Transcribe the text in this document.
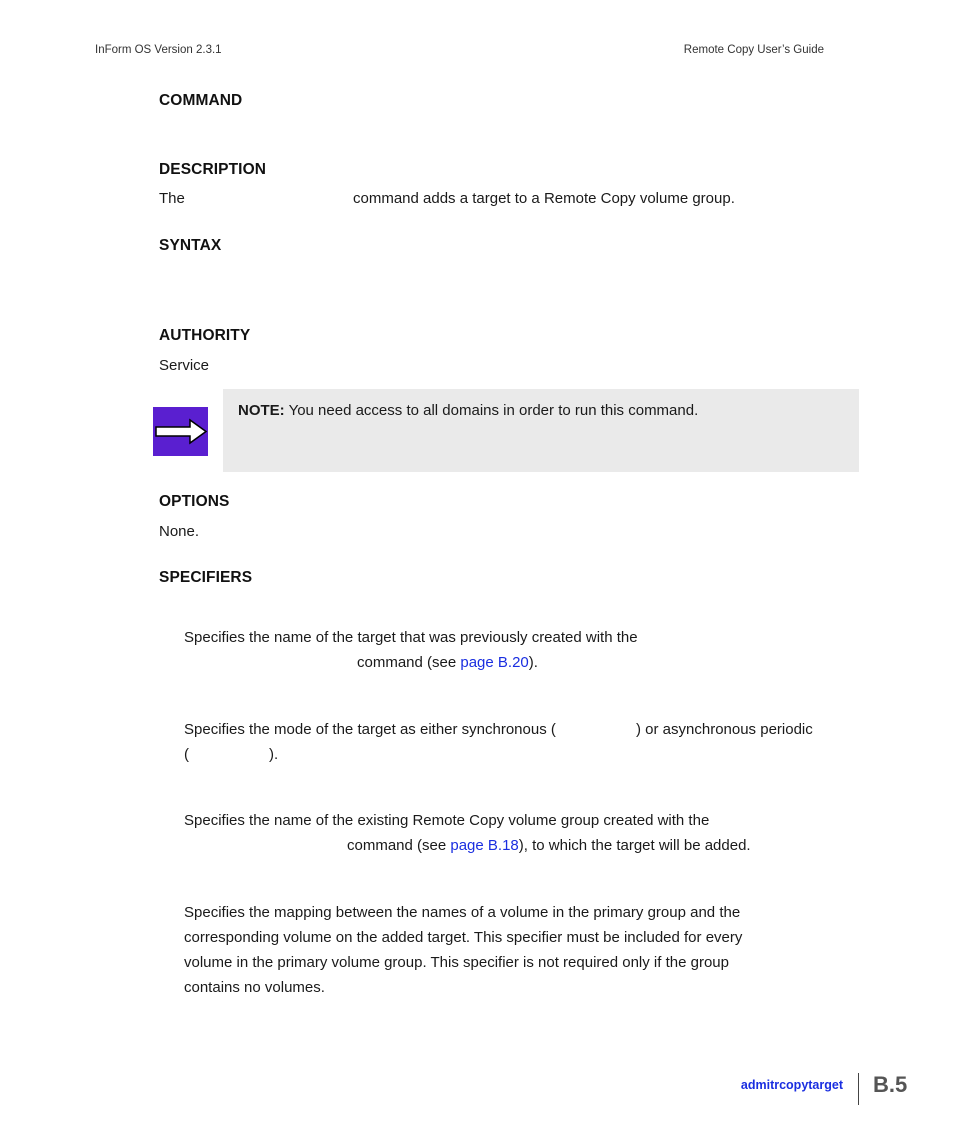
InForm OS Version 2.3.1	Remote Copy User’s Guide
COMMAND
DESCRIPTION
The	command adds a target to a Remote Copy volume group.
SYNTAX
AUTHORITY
Service
NOTE: You need access to all domains in order to run this command.
OPTIONS
None.
SPECIFIERS
Specifies the name of the target that was previously created with the
command (see page B.20).
Specifies the mode of the target as either synchronous (	) or asynchronous periodic
(	).
Specifies the name of the existing Remote Copy volume group created with the
command (see page B.18), to which the target will be added.
Specifies the mapping between the names of a volume in the primary group and the
corresponding volume on the added target. This specifier must be included for every
volume in the primary volume group. This specifier is not required only if the group
contains no volumes.
admitrcopytarget B.5
